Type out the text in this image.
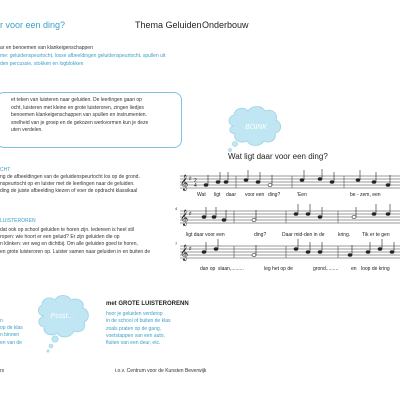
r voor een ding?	Thema Geluiden Onderbouw
ar en benoemen van klankeigenschappen
me: geluidenspeurtocht, losse afbeeldingen geluidenspeurtocht, spullen uit
den percussie, stokken en logblokken
et teken van luisteren naar geluiden. De leerlingen gaan op
ocht, luisteren met kleine en grote luisteroren, zingen liedjes
benoemen klankeigenschappen van spullen en instrumenten.
snelheid van je groep en de gekozen werkvormen kun je deze
uten verdelen.
CHT
ng de afbeeldingen van de geluidenspeurtocht los op de grond.
nspeurtocht op en luister met de leerlingen naar de geluiden.
ding de juiste afbeelding kiezen of voer de opdracht klassikaal
LUISTEROREN
dat ook op school geluiden te horen zijn. Iedereen is heel stil
ropen: wie hoort er een geluid? Er zijn geluiden die op
n klinken: ver weg en dichtbij. Om alle geluiden goed te horen,
en grote luisteroren op. Luister samen naar geluiden in en buiten de
n
op de klas
n binnen
en van de
Pssst...
met GROTE LUISTERORENN
hoor je geluiden verderop
in de school of buiten de klas
zoals praten op de gang,
voetstappen van een auto,
fluiten van een deur, etc.
BOINK
Wat ligt daar voor een ding?
𝄞
𝄞
𝄞
♯
♯
♯
2
4
4
7
Wat ligt daar voor een ding?	'Een	be - zem, een
ligt daar voor een	ding?	Daar mid-den in de	kring. Tik er te gen
dan op slaan,.........	leg het op de	grond.........	en loop de kring
rs	i.o.v. Centrum voor de Kunsten Beverwijk
